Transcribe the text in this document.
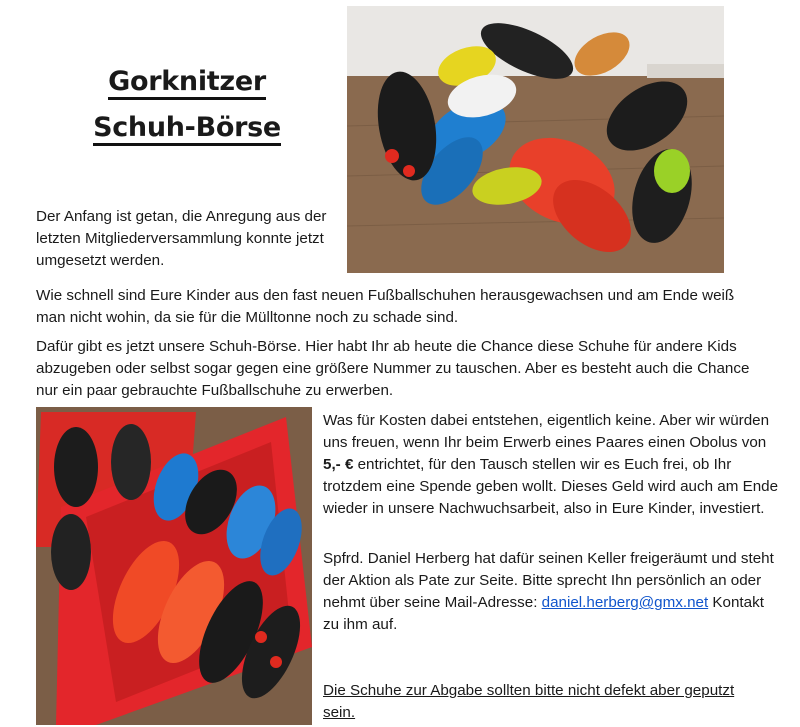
Gorknitzer
Schuh-Börse

Der Anfang ist getan, die Anregung aus der letzten Mitgliederversammlung konnte jetzt umgesetzt werden.

Wie schnell sind Eure Kinder aus den fast neuen Fußballschuhen herausgewachsen und am Ende weiß man nicht wohin, da sie für die Mülltonne noch zu schade sind.

Dafür gibt es jetzt unsere Schuh-Börse. Hier habt Ihr ab heute die Chance diese Schuhe für andere Kids abzugeben oder selbst sogar gegen eine größere Nummer zu tauschen. Aber es besteht auch die Chance nur ein paar gebrauchte Fußballschuhe zu erwerben.

Was für Kosten dabei entstehen, eigentlich keine. Aber wir würden uns freuen, wenn Ihr beim Erwerb eines Paares einen Obolus von 5,- € entrichtet, für den Tausch stellen wir es Euch frei, ob Ihr trotzdem eine Spende geben wollt. Dieses Geld wird auch am Ende wieder in unsere Nachwuchsarbeit, also in Eure Kinder, investiert.

Spfrd. Daniel Herberg hat dafür seinen Keller freigeräumt und steht der Aktion als Pate zur Seite. Bitte sprecht Ihn persönlich an oder nehmt über seine Mail-Adresse: daniel.herberg@gmx.net Kontakt zu ihm auf.

Die Schuhe zur Abgabe sollten bitte nicht defekt aber geputzt sein.
